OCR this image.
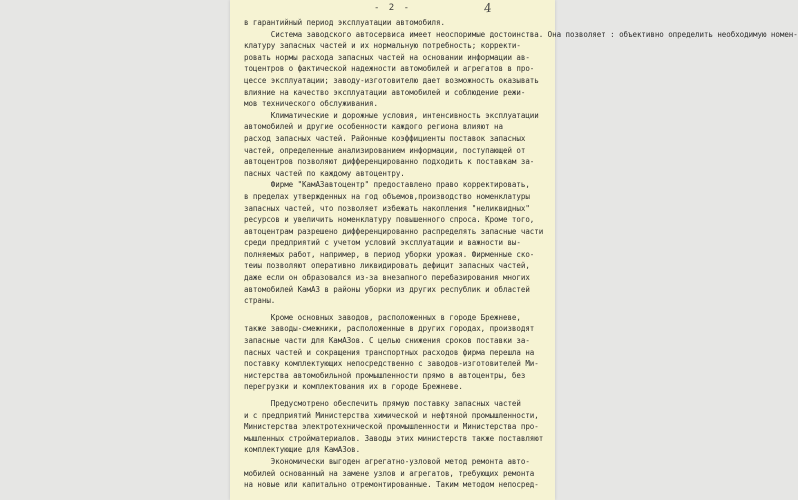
- 2 -	4
в гарантийный период эксплуатации автомобиля.
Система заводского автосервиса имеет неоспоримые достоинства. Она позволяет : объективно определить необходимую номен-
клатуру запасных частей и их нормальную потребность; корректи-
ровать нормы расхода запасных частей на основании информации ав-
тоцентров о фактической надежности автомобилей и агрегатов в про-
цессе эксплуатации; заводу-изготовителю дает возможность оказывать
влияние на качество эксплуатации автомобилей и соблюдение режи-
мов технического обслуживания.
Климатические и дорожные условия, интенсивность эксплуатации
автомобилей и другие особенности каждого региона влияют на
расход запасных частей. Районные коэффициенты поставок запасных
частей, определенные анализированием информации, поступающей от
автоцентров позволяют дифференцированно подходить к поставкам за-
пасных частей по каждому автоцентру.
Фирме "КамАЗавтоцентр" предоставлено право корректировать,
в пределах утвержденных на год объемов,производство номенклатуры
запасных частей, что позволяет избежать накопления "неликвидных"
ресурсов и увеличить номенклатуру повышенного спроса. Кроме того,
автоцентрам разрешено дифференцированно распределять запасные части
среди предприятий с учетом условий эксплуатации и важности вы-
полняемых работ, например, в период уборки урожая. Фирменные ско-
теиы позволяют оперативно ликвидировать дефицит запасных частей,
даже если он образовался из-за внезапного перебазирования многих
автомобилей КамАЗ в районы уборки из других республик и областей
страны.
Кроме основных заводов, расположенных в городе Брежневе,
также заводы-смежники, расположенные в других городах, производят
запасные части для КамАЗов. С целью снижения сроков поставки за-
пасных частей и сокращения транспортных расходов фирма перешла на
поставку комплектующих непосредственно с заводов-изготовителей Ми-
нистерства автомобильной промышленности прямо в автоцентры, без
перегрузки и комплектования их в городе Брежневе.
Предусмотрено обеспечить прямую поставку запасных частей
и с предприятий Министерства химической и нефтяной промышленности,
Министерства электротехнической промышленности и Министерства про-
мышленных стройматериалов. Заводы этих министерств также поставляют
комплектующие для КамАЗов.
Экономически выгоден агрегатно-узловой метод ремонта авто-
мобилей основанный на замене узлов и агрегатов, требующих ремонта
на новые или капитально отремонтированные. Таким методом непосред-
